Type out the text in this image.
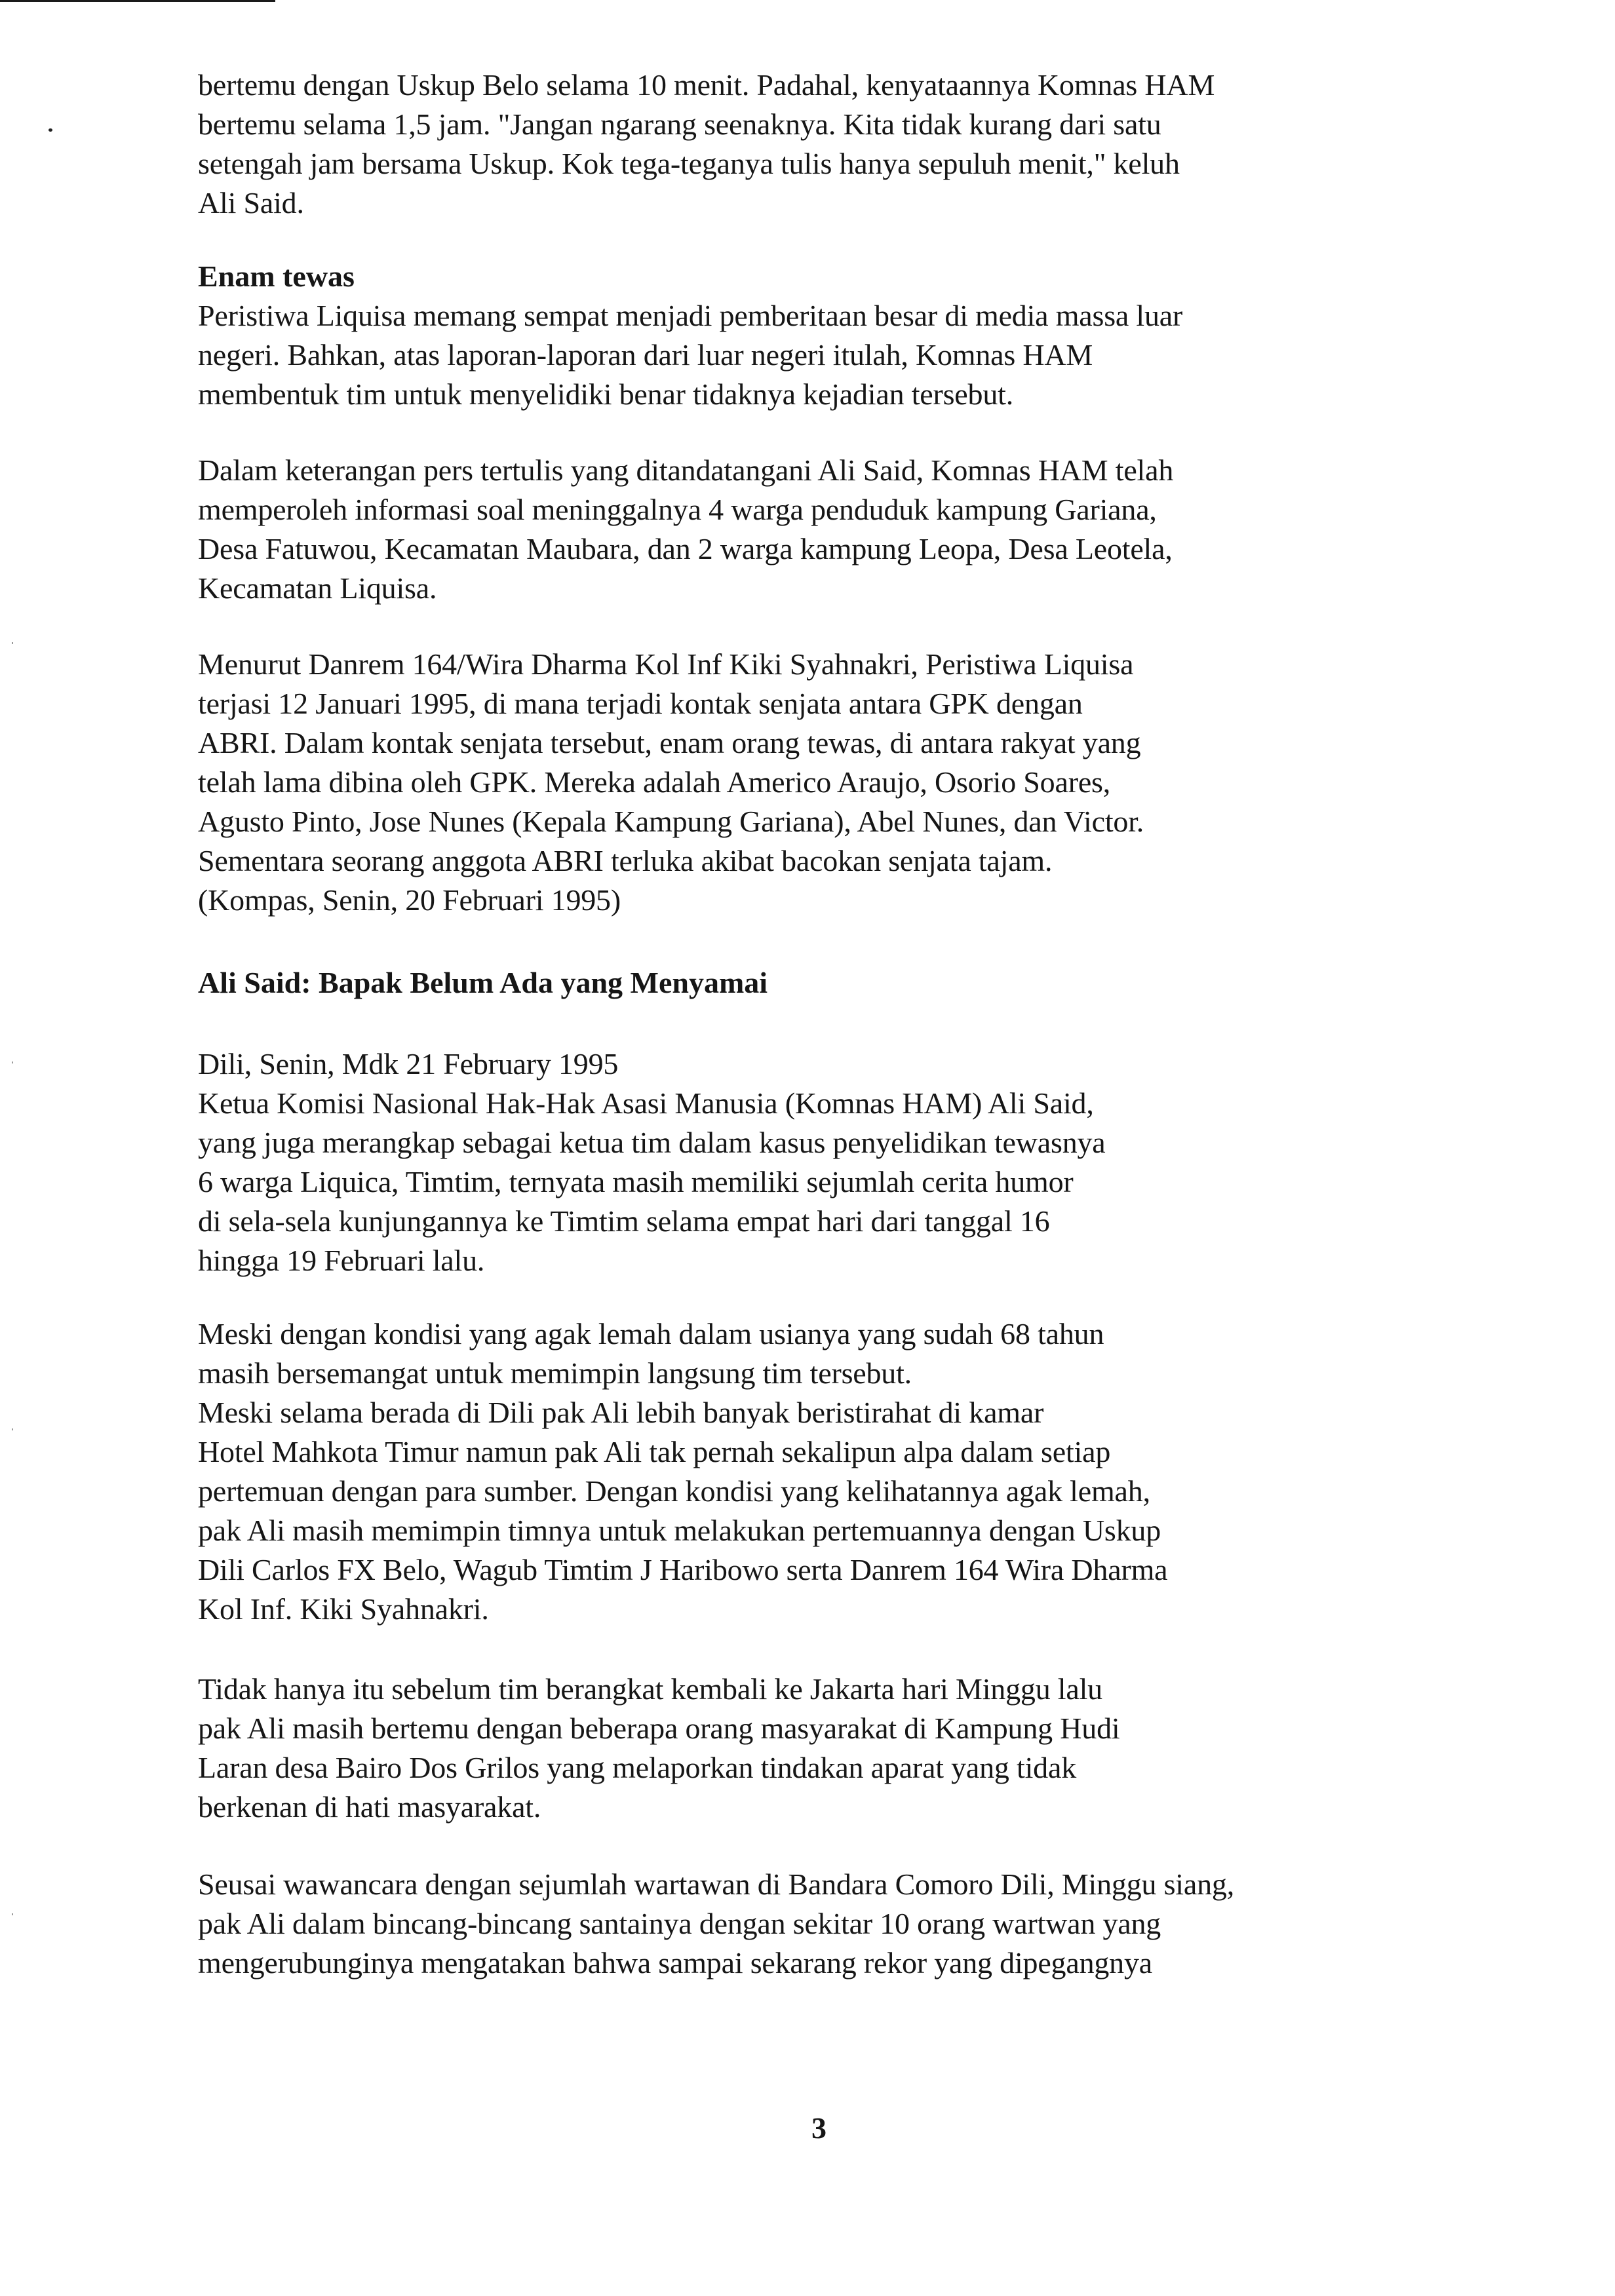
bertemu dengan Uskup Belo selama 10 menit. Padahal, kenyataannya Komnas HAM
bertemu selama 1,5 jam. "Jangan ngarang seenaknya. Kita tidak kurang dari satu
setengah jam bersama Uskup. Kok tega-teganya tulis hanya sepuluh menit," keluh
Ali Said.
Enam tewas
Peristiwa Liquisa memang sempat menjadi pemberitaan besar di media massa luar
negeri. Bahkan, atas laporan-laporan dari luar negeri itulah, Komnas HAM
membentuk tim untuk menyelidiki benar tidaknya kejadian tersebut.
Dalam keterangan pers tertulis yang ditandatangani Ali Said, Komnas HAM telah
memperoleh informasi soal meninggalnya 4 warga penduduk kampung Gariana,
Desa Fatuwou, Kecamatan Maubara, dan 2 warga kampung Leopa, Desa Leotela,
Kecamatan Liquisa.
Menurut Danrem 164/Wira Dharma Kol Inf Kiki Syahnakri, Peristiwa Liquisa
terjasi 12 Januari 1995, di mana terjadi kontak senjata antara GPK dengan
ABRI. Dalam kontak senjata tersebut, enam orang tewas, di antara rakyat yang
telah lama dibina oleh GPK. Mereka adalah Americo Araujo, Osorio Soares,
Agusto Pinto, Jose Nunes (Kepala Kampung Gariana), Abel Nunes, dan Victor.
Sementara seorang anggota ABRI terluka akibat bacokan senjata tajam.
(Kompas, Senin, 20 Februari 1995)
Ali Said: Bapak Belum Ada yang Menyamai
Dili, Senin, Mdk 21 February 1995
Ketua Komisi Nasional Hak-Hak Asasi Manusia (Komnas HAM) Ali Said,
yang juga merangkap sebagai ketua tim dalam kasus penyelidikan tewasnya
6 warga Liquica, Timtim, ternyata masih memiliki sejumlah cerita humor
di sela-sela kunjungannya ke Timtim selama empat hari dari tanggal 16
hingga 19 Februari lalu.
Meski dengan kondisi yang agak lemah dalam usianya yang sudah 68 tahun
masih bersemangat untuk memimpin langsung tim tersebut.
Meski selama berada di Dili pak Ali lebih banyak beristirahat di kamar
Hotel Mahkota Timur namun pak Ali tak pernah sekalipun alpa dalam setiap
pertemuan dengan para sumber. Dengan kondisi yang kelihatannya agak lemah,
pak Ali masih memimpin timnya untuk melakukan pertemuannya dengan Uskup
Dili Carlos FX Belo, Wagub Timtim J Haribowo serta Danrem 164 Wira Dharma
Kol Inf. Kiki Syahnakri.
Tidak hanya itu sebelum tim berangkat kembali ke Jakarta hari Minggu lalu
pak Ali masih bertemu dengan beberapa orang masyarakat di Kampung Hudi
Laran desa Bairo Dos Grilos yang melaporkan tindakan aparat yang tidak
berkenan di hati masyarakat.
Seusai wawancara dengan sejumlah wartawan di Bandara Comoro Dili, Minggu siang,
pak Ali dalam bincang-bincang santainya dengan sekitar 10 orang wartwan yang
mengerubunginya mengatakan bahwa sampai sekarang rekor yang dipegangnya
3
